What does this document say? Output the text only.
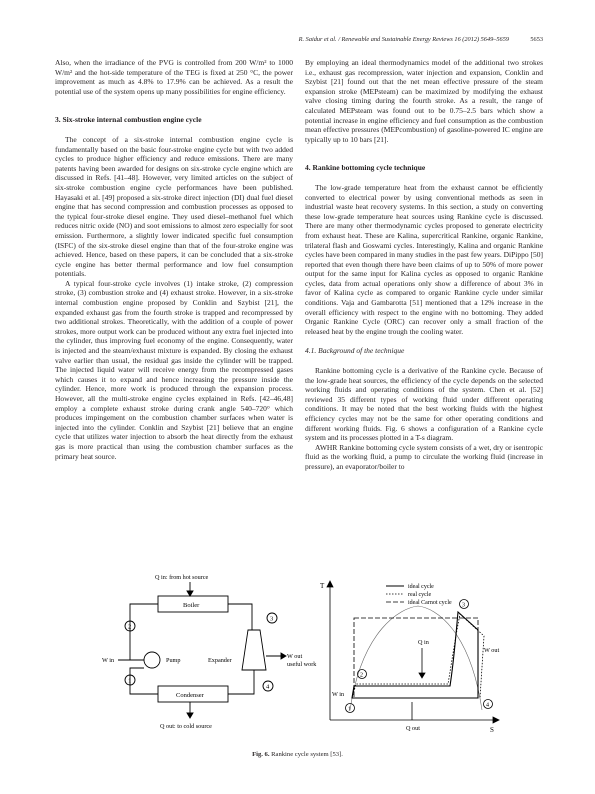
R. Saidur et al. / Renewable and Sustainable Energy Reviews 16 (2012) 5649–5659	5653

Also, when the irradiance of the PVG is controlled from 200 W/m² to 1000 W/m² and the hot-side temperature of the TEG is fixed at 250 °C, the power improvement as much as 4.8% to 17.9% can be achieved. As a result the potential use of the system opens up many possibilities for engine efficiency.

3. Six-stroke internal combustion engine cycle

The concept of a six-stroke internal combustion engine cycle is fundamentally based on the basic four-stroke engine cycle but with two added cycles to produce higher efficiency and reduce emissions. There are many patents having been awarded for designs on six-stroke cycle engine which are discussed in Refs. [41–48]. However, very limited articles on the subject of six-stroke combustion engine cycle performances have been published. Hayasaki et al. [49] proposed a six-stroke direct injection (DI) dual fuel diesel engine that has second compression and combustion processes as opposed to the typical four-stroke diesel engine. They used diesel–methanol fuel which reduces nitric oxide (NO) and soot emissions to almost zero especially for soot emission. Furthermore, a slightly lower indicated specific fuel consumption (ISFC) of the six-stroke diesel engine than that of the four-stroke engine was achieved. Hence, based on these papers, it can be concluded that a six-stroke cycle engine has better thermal performance and low fuel consumption potentials.

A typical four-stroke cycle involves (1) intake stroke, (2) compression stroke, (3) combustion stroke and (4) exhaust stroke. However, in a six-stroke internal combustion engine proposed by Conklin and Szybist [21], the expanded exhaust gas from the fourth stroke is trapped and recompressed by two additional strokes. Theoretically, with the addition of a couple of power strokes, more output work can be produced without any extra fuel injected into the cylinder, thus improving fuel economy of the engine. Consequently, water is injected and the steam/exhaust mixture is expanded. By closing the exhaust valve earlier than usual, the residual gas inside the cylinder will be trapped. The injected liquid water will receive energy from the recompressed gases which causes it to expand and hence increasing the pressure inside the cylinder. Hence, more work is produced through the expansion process. However, all the multi-stroke engine cycles explained in Refs. [42–46,48] employ a complete exhaust stroke during crank angle 540–720° which produces impingement on the combustion chamber surfaces when water is injected into the cylinder. Conklin and Szybist [21] believe that an engine cycle that utilizes water injection to absorb the heat directly from the exhaust gas is more practical than using the combustion chamber surfaces as the primary heat source.

By employing an ideal thermodynamics model of the additional two strokes i.e., exhaust gas recompression, water injection and expansion, Conklin and Szybist [21] found out that the net mean effective pressure of the steam expansion stroke (MEPsteam) can be maximized by modifying the exhaust valve closing timing during the fourth stroke. As a result, the range of calculated MEPsteam was found out to be 0.75–2.5 bars which show a potential increase in engine efficiency and fuel consumption as the combustion mean effective pressures (MEPcombustion) of gasoline-powered IC engine are typically up to 10 bars [21].

4. Rankine bottoming cycle technique

The low-grade temperature heat from the exhaust cannot be efficiently converted to electrical power by using conventional methods as seen in industrial waste heat recovery systems. In this section, a study on converting these low-grade temperature heat sources using Rankine cycle is discussed. There are many other thermodynamic cycles proposed to generate electricity from exhaust heat. These are Kalina, supercritical Rankine, organic Rankine, trilateral flash and Goswami cycles. Interestingly, Kalina and organic Rankine cycles have been compared in many studies in the past few years. DiPippo [50] reported that even though there have been claims of up to 50% of more power output for the same input for Kalina cycles as opposed to organic Rankine cycles, data from actual operations only show a difference of about 3% in favor of Kalina cycle as compared to organic Rankine cycle under similar conditions. Vaja and Gambarotta [51] mentioned that a 12% increase in the overall efficiency with respect to the engine with no bottoming. They added Organic Rankine Cycle (ORC) can recover only a small fraction of the released heat by the engine trough the cooling water.

4.1. Background of the technique

Rankine bottoming cycle is a derivative of the Rankine cycle. Because of the low-grade heat sources, the efficiency of the cycle depends on the selected working fluids and operating conditions of the system. Chen et al. [52] reviewed 35 different types of working fluid under different operating conditions. It may be noted that the best working fluids with the highest efficiency cycles may not be the same for other operating conditions and different working fluids. Fig. 6 shows a configuration of a Rankine cycle system and its processes plotted in a T-s diagram.

AWHR Rankine bottoming cycle system consists of a wet, dry or isentropic fluid as the working fluid, a pump to circulate the working fluid (increase in pressure), an evaporator/boiler to

Q in: from hot source
Boiler
Pump
W in	Expander
W out
useful work
Condenser
Q out: to cold source
2
3
1
4
T
S
ideal cycle
real cycle
ideal Carnot cycle
Q in
W out
W in
Q out
1
2
3
4
Fig. 6. Rankine cycle system [53].
